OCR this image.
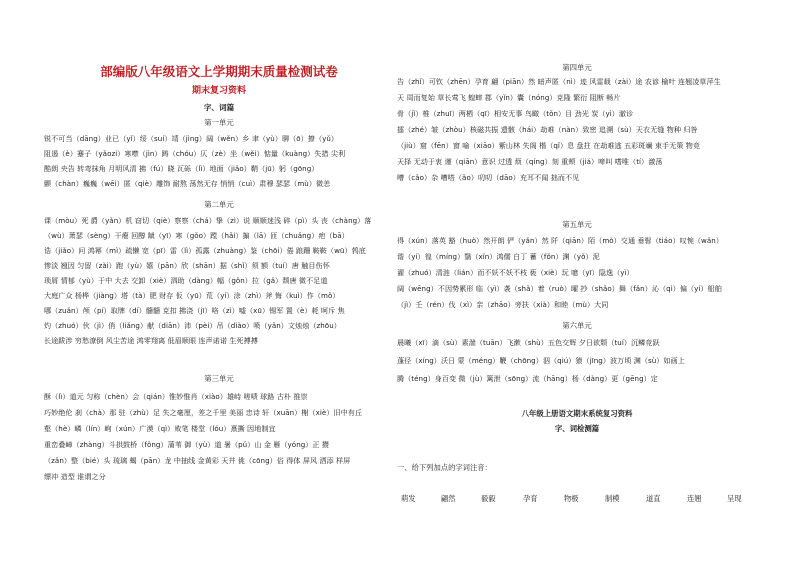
部编版八年级语文上学期期末质量检测试卷
期末复习资料
字、词篇
第一单元
锐不可当（dāng）业已（yǐ）绥（suí）靖（jìng）阔（wěn）乡 聿（yù）聊（ō）撩（yǔ）
阻遏（è）蹇子（yǎozi）寒噤（jìn）踌（chóu）仄（zè）坐（wěi）惦量（kuàng）失措 尖利
酷朗 央告 转弯抹角 月明风清 拂（fú）晓 瓦砾（lì）地面（jiǎo）鞘（jū）躬（gōng）
颤（chàn）巍巍（wēi）匿（qiè）雕饰 耐熬 荡然无存 悄悄（cuì）肃穆 瑟瑟（mù）微恙
第二单元
课（mòu）死 爵（yǎn）机 窃切（qiè）察察（chá）挚（zì）说 顺顺迷浅 碎（pì）头 丧（chàng）落
（wù）萧瑟（sèng）干瘪 回醇 龇（yī）寒（gǒo）蹚（hǎi）搧（lā）匝（chuǎng）疤（bā）
诰（jiǎo）问 鸿幂（mì）疏懒 宽（pī）雷（lì）孤露（zhuàng）鉴（chōi）倦 踉跚 鞍鞍（wū）鹁底
惨淡 翘因 匀留（zài）跑（yù）嬉（pān）欣（shān）据（shǐ）须 额（tuí）唐 触目伤怀
琐屑 情郁（yù）于中 大去 交卸（xiè）泗助（dàng）幅（gǒn）拉（gǎ）颓唐 微不足道
大庭广众 杨桦（jiàng）塔（tà）肥 财存 仮（yū）荒（yí）涂（zhì）斧 悔（kuì）作（mǒ）
哪（zuǎn）颅（pí）取牌（dí）髓髓 克扣 拂浇（jī）咯（zì）嘘（xū）锡军 置（è）耗 呵斥 焦
灼（zhuó）伙（jì）俏（liǎng）献（diān）沛（pèi）吊（diào）喷（yǎn）文烛烛（zhōu）
长途跋涉 穷愁潦倒 风尘苦途 鸿零翔离 低眉顺眼 连声诺诺 生死搏搏
第三单元
酥（lì）道元 匀称（chèn）会（qián）惟妙惟肖（xiào）雄峙 嗟啧 球路 古朴 推崇
巧妙绝伦 刹（chà）那 驻（zhù）足 失之毫厘，差之千里 美丽 忠诗 轩（xuān）榭（xiè）旧中有丘
壑（hè）嶙（lín）峋（xún）广漠（qì）败笔 楼堂（lóu）熹撕 因地制宜
重峦叠嶂（zhàng）斗拱鼓桥（fǒng）蒲苇 御（yù）道 暑（pǔ）山 金 雁（yóng）正 攒
（zǎn）整（bié）头 琉璃 蝎（pān）龙 中抽线 金黄彩 天井 佻（cōng）俗 得体 屏风 洒添 样屏
缥冲 造型 谁谓之分
第四单元
告（zhǐ）可钦（zhēn）孕育 翩（piān）然 暗声匿（nì）迹 风雷载（zài）途 农谚 榆叶 连翘凌草萍生
天 周而复始 草长莺飞 蝗蟀 郡（yǐn）囊（nóng）克隆 繁衍 阻断 畅片
骨（jǐ）椎（zhuī）两栖（qī）相安无事 鸟瞰（tǒn）目 劲光 炭（yì）澈诊
擂（zhé）皱（zhòu）核磁共振 遗骸（hái）劫难（nàn）致密 追溯（sù）天衣无缝 物种 归咎
（jiù）窟（fēn）窗 喻（xiāo）紫山林 失阁 楷（qǐ）息 盘拄 在劫难逃 五彩斑斓 束手无策 物竞
天择 无动于衷 谨（qiān）意识 过透 烦（qíng）刻 重颊（jiá）啼叫 嗜唯（tí）激荡
嘈（cǎo）杂 嘈嗒（ǎo）叨叨（dāo）充耳不闻 拙而不见
第五单元
得（xún）落英 豁（huò）然开朗 俨（yǎn）然 阡（qiān）陌（mò）交通 垂髫（tiáo）叹惋（wǎn）
谐（yí）徨（míng）翳（xǐn）鸿儒 白丁 蓄（fǒn）渊（yǒ）泥
濯（zhuó）清涟（lián）而不妖不妖不枝 亵（xiè）玩 噫（yī）隐逸（yì）
阔（wēng）不因势累形 临（yì）袭（shǎ）着（ruò）曜 抄（shǎo）舞（fǎn）沁（qì）偏（yí）船舶
（jì）壬（rén）伐（xì）亲（zhāo）旁扶（xià）和睦（mù）大同
第六单元
晨曦（xī）滴（sù）素湍（tuān）飞漱（shù）五色交辉 夕日欲颓（tuí）沉鳞竞跃
蓬径（xíng）沃日 蒙（méng）鞭（chōng）泅（qiú）猿（jīng）波万顷 渊（sù）如画上
腾（téng）身百变 微（jù）篱泄（sōng）流（hāng）杨（dàng）更（gēng）定
八年级上册语文期末系统复习资料
字、词检测篇
一、给下列加点的字词注音：
萌发	翩然	毅毅	孕育	物极	制模	道直	连翘	呈现
